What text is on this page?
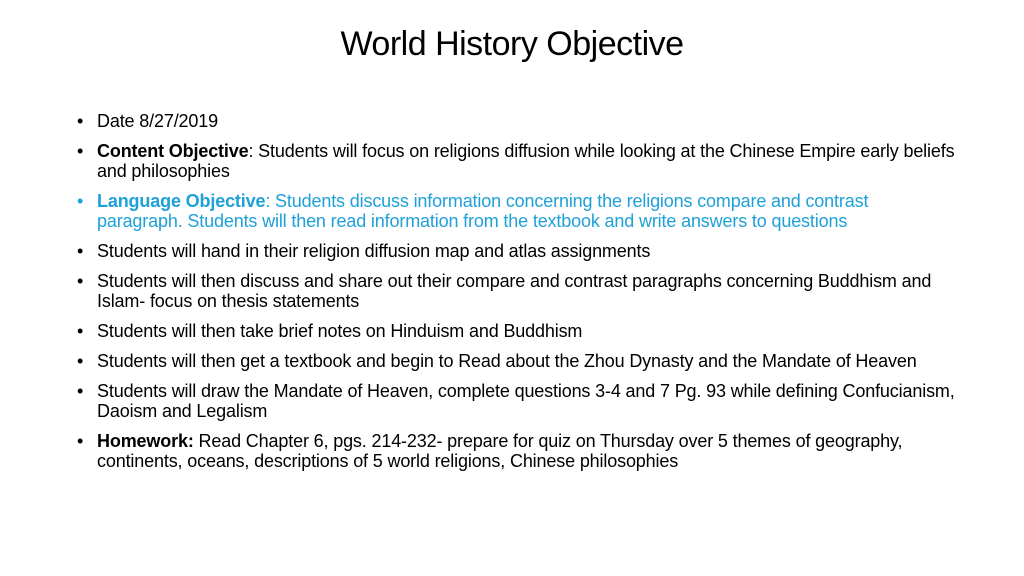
World History Objective
• Date 8/27/2019
• Content Objective: Students will focus on religions diffusion while looking at the Chinese Empire early beliefs and philosophies
• Language Objective: Students discuss information concerning the religions compare and contrast paragraph. Students will then read information from the textbook and write answers to questions
• Students will hand in their religion diffusion map and atlas assignments
• Students will then discuss and share out their compare and contrast paragraphs concerning Buddhism and Islam- focus on thesis statements
• Students will then take brief notes on Hinduism and Buddhism
• Students will then get a textbook and begin to Read about the Zhou Dynasty and the Mandate of Heaven
• Students will draw the Mandate of Heaven, complete questions 3-4 and 7 Pg. 93 while defining Confucianism, Daoism and Legalism
• Homework: Read Chapter 6, pgs. 214-232- prepare for quiz on Thursday over 5 themes of geography, continents, oceans, descriptions of 5 world religions, Chinese philosophies
